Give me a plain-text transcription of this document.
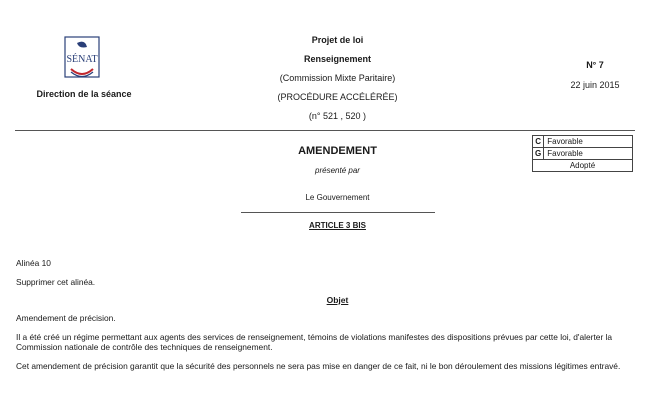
SÉNAT
Direction de la séance
Projet de loi
Renseignement
(Commission Mixte Paritaire)
(PROCÉDURE ACCÉLÉRÉE)
(n° 521 , 520 )
N° 7
22 juin 2015
C	Favorable
G	Favorable
Adopté	
AMENDEMENT
présenté par
Le Gouvernement
ARTICLE 3 BIS
Alinéa 10
Supprimer cet alinéa.
Objet
Amendement de précision.
Il a été créé un régime permettant aux agents des services de renseignement, témoins de violations manifestes des dispositions prévues par cette loi, d'alerter la Commission nationale de contrôle des techniques de renseignement.
Cet amendement de précision garantit que la sécurité des personnels ne sera pas mise en danger de ce fait, ni le bon déroulement des missions légitimes entravé.
